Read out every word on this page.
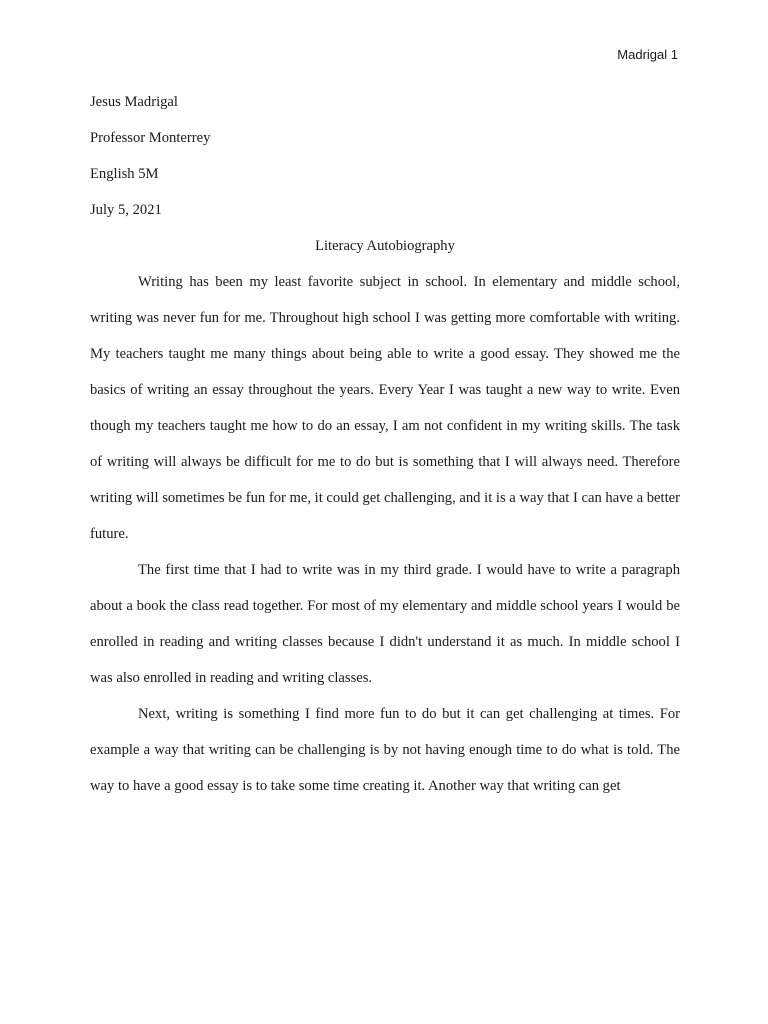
Madrigal 1

Jesus Madrigal

Professor Monterrey

English 5M

July 5, 2021

Literacy Autobiography

Writing has been my least favorite subject in school. In elementary and middle school, writing was never fun for me. Throughout high school I was getting more comfortable with writing. My teachers taught me many things about being able to write a good essay. They showed me the basics of writing an essay throughout the years. Every Year I was taught a new way to write. Even though my teachers taught me how to do an essay, I am not confident in my writing skills. The task of writing will always be difficult for me to do but is something that I will always need. Therefore writing will sometimes be fun for me, it could get challenging, and it is a way that I can have a better future.

The first time that I had to write was in my third grade. I would have to write a paragraph about a book the class read together. For most of my elementary and middle school years I would be enrolled in reading and writing classes because I didn't understand it as much. In middle school I was also enrolled in reading and writing classes.

Next, writing is something I find more fun to do but it can get challenging at times. For example a way that writing can be challenging is by not having enough time to do what is told. The way to have a good essay is to take some time creating it. Another way that writing can get
